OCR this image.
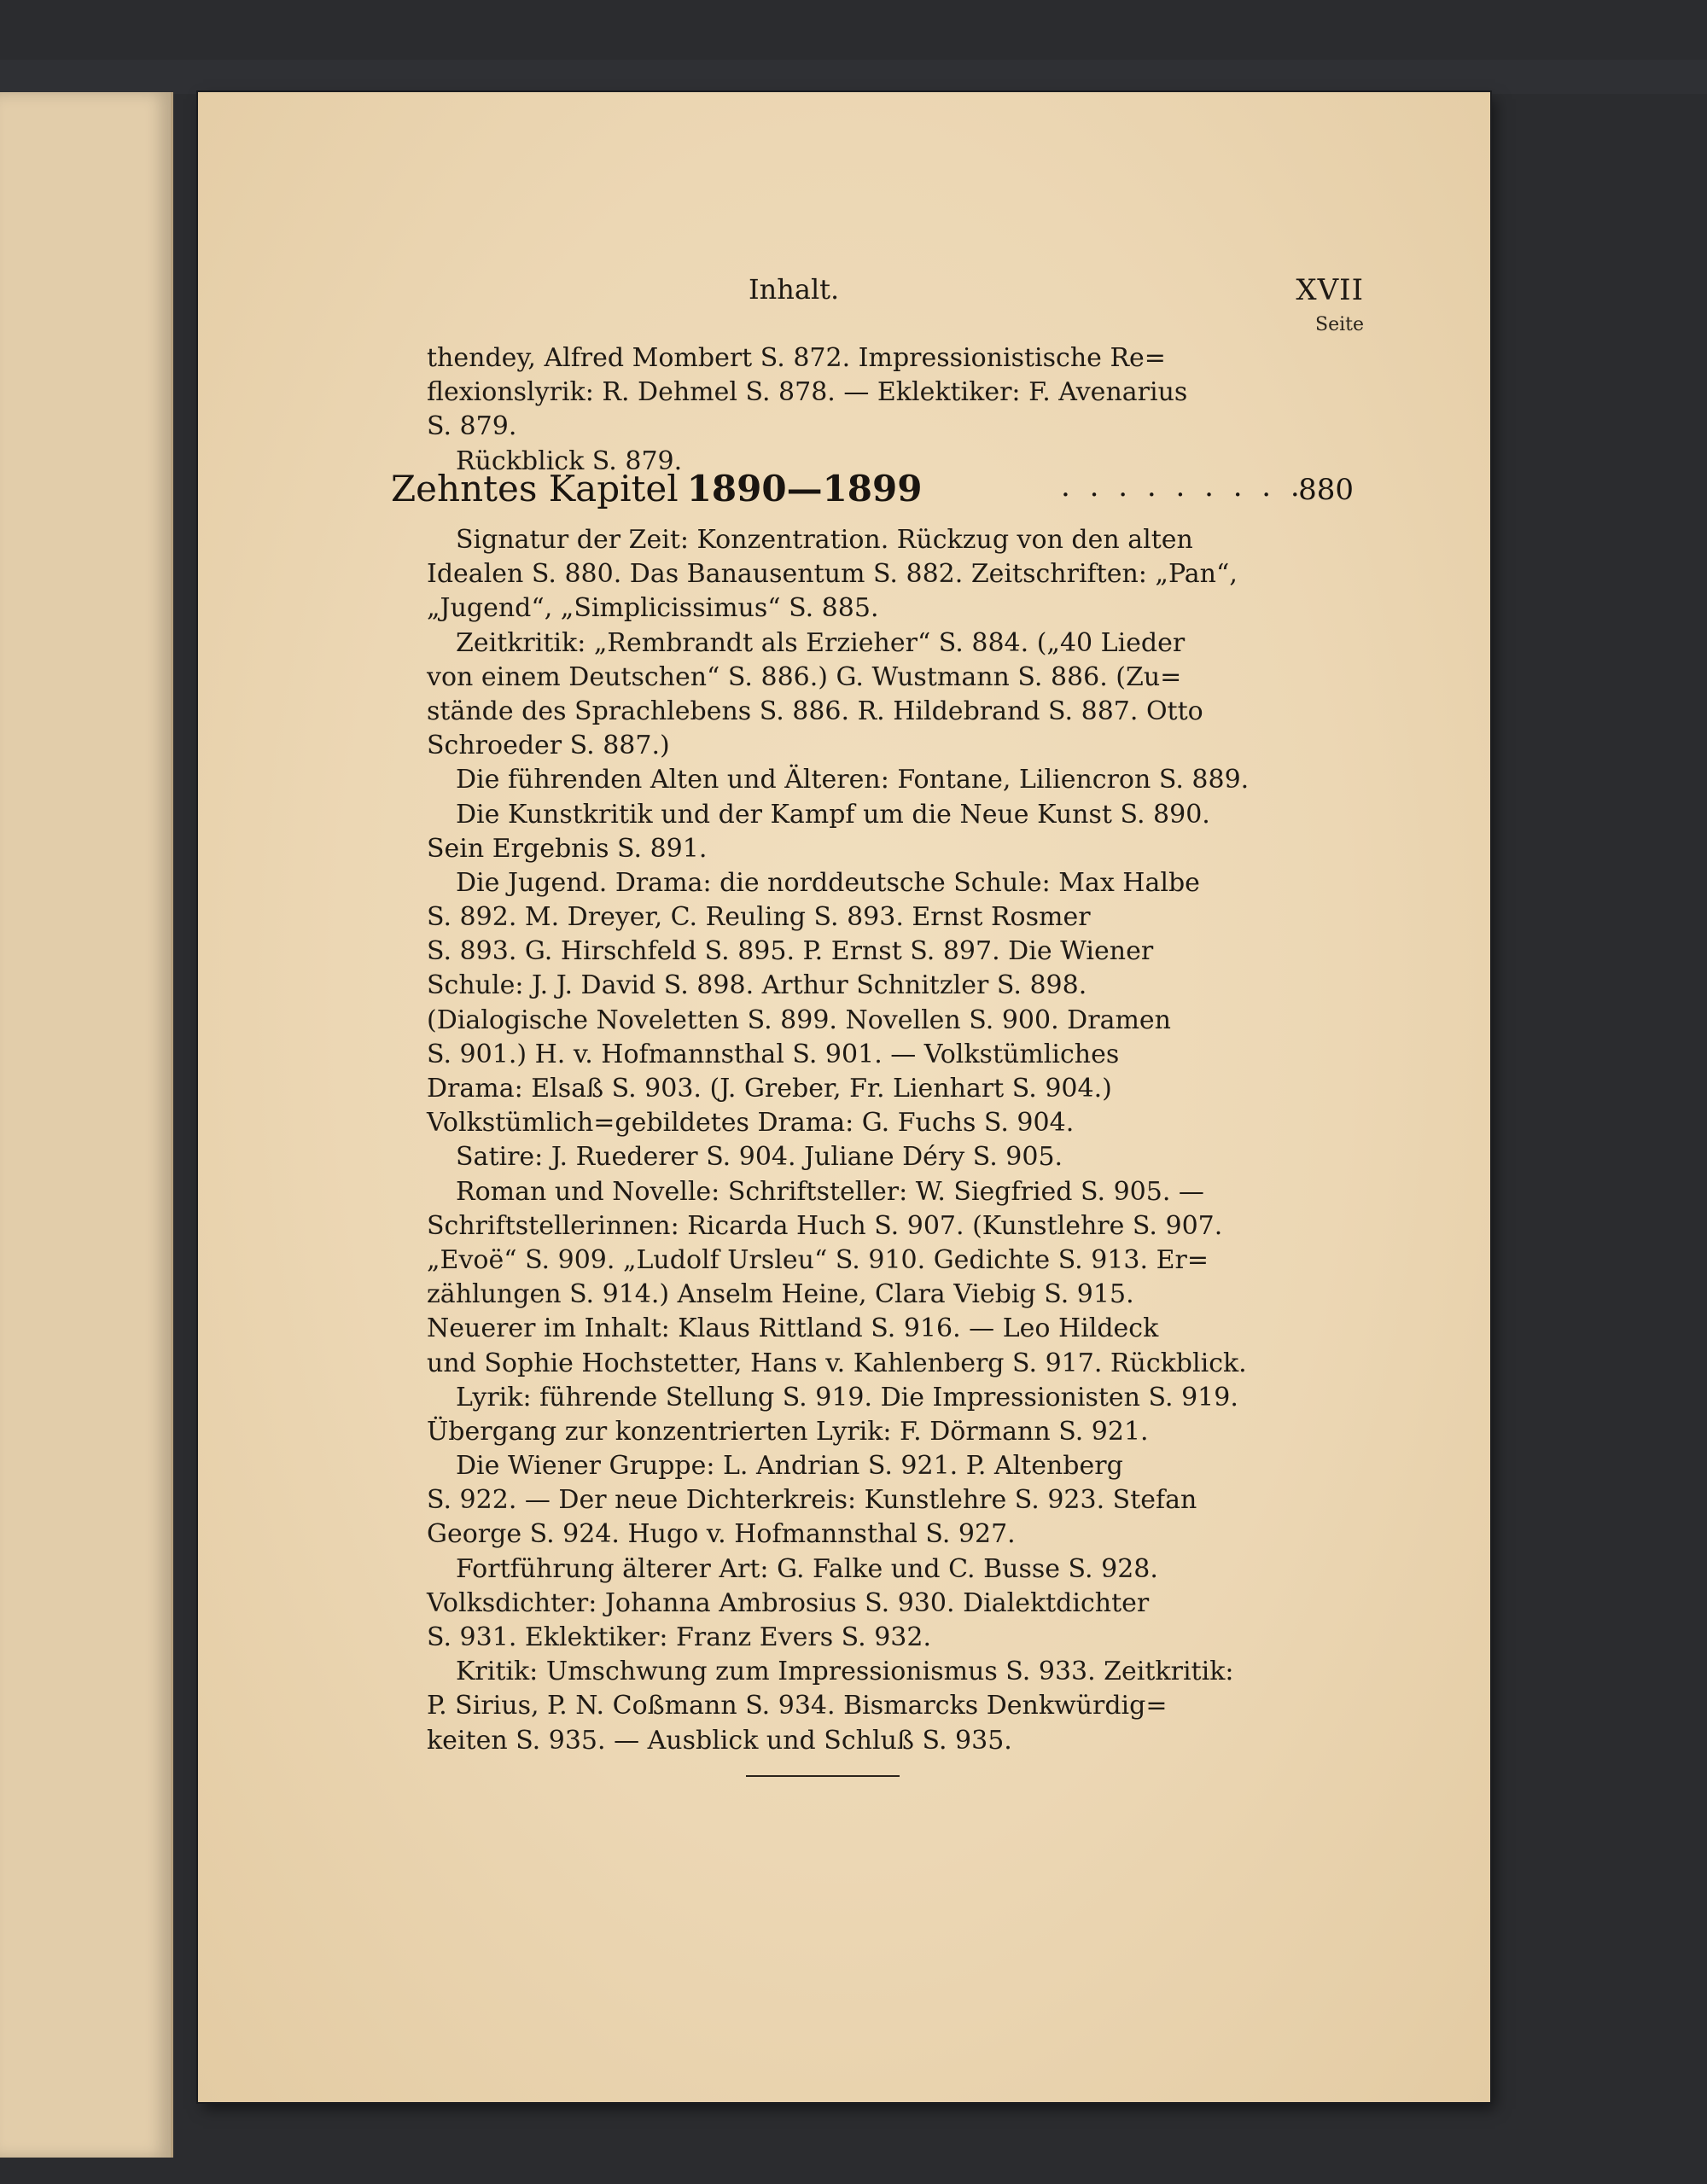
Inhalt.	XVII
Seite
thendey, Alfred Mombert S. 872. Impressionistische Re=
flexionslyrik: R. Dehmel S. 878. — Eklektiker: F. Avenarius
S. 879.
Rückblick S. 879.
Zehntes Kapitel 1890—1899	. . . . . . . . .
880
Signatur der Zeit: Konzentration. Rückzug von den alten
Idealen S. 880. Das Banausentum S. 882. Zeitschriften: „Pan“,
„Jugend“, „Simplicissimus“ S. 885.
Zeitkritik: „Rembrandt als Erzieher“ S. 884. („40 Lieder
von einem Deutschen“ S. 886.) G. Wustmann S. 886. (Zu=
stände des Sprachlebens S. 886. R. Hildebrand S. 887. Otto
Schroeder S. 887.)
Die führenden Alten und Älteren: Fontane, Liliencron S. 889.
Die Kunstkritik und der Kampf um die Neue Kunst S. 890.
Sein Ergebnis S. 891.
Die Jugend. Drama: die norddeutsche Schule: Max Halbe
S. 892. M. Dreyer, C. Reuling S. 893. Ernst Rosmer
S. 893. G. Hirschfeld S. 895. P. Ernst S. 897. Die Wiener
Schule: J. J. David S. 898. Arthur Schnitzler S. 898.
(Dialogische Noveletten S. 899. Novellen S. 900. Dramen
S. 901.) H. v. Hofmannsthal S. 901. — Volkstümliches
Drama: Elsaß S. 903. (J. Greber, Fr. Lienhart S. 904.)
Volkstümlich=gebildetes Drama: G. Fuchs S. 904.
Satire: J. Ruederer S. 904. Juliane Déry S. 905.
Roman und Novelle: Schriftsteller: W. Siegfried S. 905. —
Schriftstellerinnen: Ricarda Huch S. 907. (Kunstlehre S. 907.
„Evoë“ S. 909. „Ludolf Ursleu“ S. 910. Gedichte S. 913. Er=
zählungen S. 914.) Anselm Heine, Clara Viebig S. 915.
Neuerer im Inhalt: Klaus Rittland S. 916. — Leo Hildeck
und Sophie Hochstetter, Hans v. Kahlenberg S. 917. Rückblick.
Lyrik: führende Stellung S. 919. Die Impressionisten S. 919.
Übergang zur konzentrierten Lyrik: F. Dörmann S. 921.
Die Wiener Gruppe: L. Andrian S. 921. P. Altenberg
S. 922. — Der neue Dichterkreis: Kunstlehre S. 923. Stefan
George S. 924. Hugo v. Hofmannsthal S. 927.
Fortführung älterer Art: G. Falke und C. Busse S. 928.
Volksdichter: Johanna Ambrosius S. 930. Dialektdichter
S. 931. Eklektiker: Franz Evers S. 932.
Kritik: Umschwung zum Impressionismus S. 933. Zeitkritik:
P. Sirius, P. N. Coßmann S. 934. Bismarcks Denkwürdig=
keiten S. 935. — Ausblick und Schluß S. 935.
